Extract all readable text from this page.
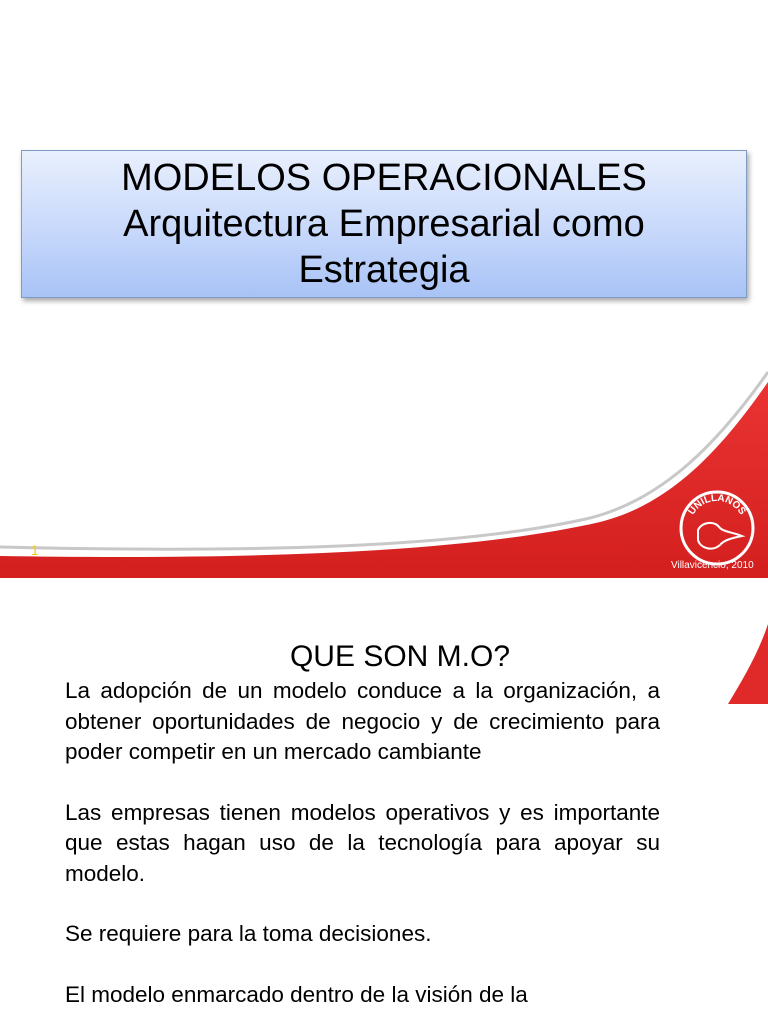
MODELOS OPERACIONALES
Arquitectura Empresarial como
Estrategia
UNILLANOS
1
Villavicencio, 2010
QUE SON M.O?

La adopción de un modelo conduce a la organización, a obtener oportunidades de negocio y de crecimiento para poder competir en un mercado cambiante

Las empresas tienen modelos operativos y es importante que estas hagan uso de la tecnología para apoyar su modelo.

Se requiere para la toma decisiones.

El modelo enmarcado dentro de la visión de la
